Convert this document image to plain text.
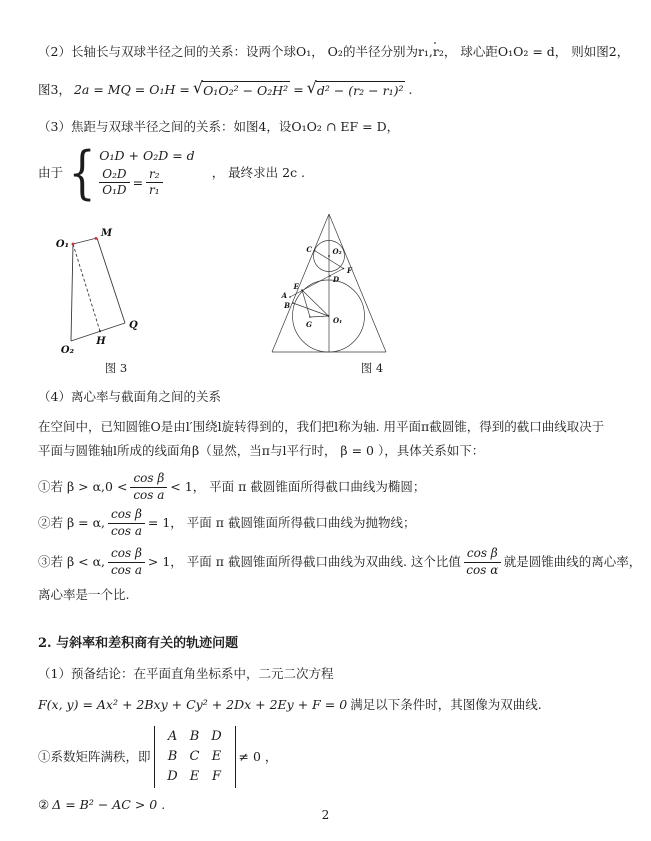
（2）长轴长与双球半径之间的关系：设两个球O₁， O₂的半径分别为r₁,r₂， 球心距O₁O₂ = d， 则如图2，
图3， 2a = MQ = O₁H = √ O₁O₂² − O₂H² = √ d² − (r₂ − r₁)² .
（3）焦距与双球半径之间的关系：如图4，设O₁O₂ ∩ EF = D，
由于 { O₁D + O₂D = d
$\frac{\text{O₂D}}{\text{O₁D}} = \frac{\text{r₂}}{\text{r₁}}$	， 最终求出 2c .
M
O₁
Q
O₂
H
图 3
C	O₂
F
D
E
A
B
G	O₁
图 4
（4）离心率与截面角之间的关系
在空间中，已知圆锥O是由l′围绕l旋转得到的，我们把l称为轴. 用平面π截圆锥，得到的截口曲线取决于
平面与圆锥轴l所成的线面角β（显然，当π与l平行时， β = 0 ），具体关系如下：
①若 $\beta > \alpha,0 < \frac{\text{cos β}}{\text{cos a}} < 1$， 平面 π 截圆锥面所得截口曲线为椭圆；
②若 β = α, $\frac{\text{cos β}}{\text{cos a}} = 1$， 平面 π 截圆锥面所得截口曲线为抛物线；
③若 β < α, $\frac{\text{cos β}}{\text{cos a}} > 1$， 平面 π 截圆锥面所得截口曲线为双曲线. 这个比值 $\frac{\text{cos β}}{\text{cos α}}$ 就是圆锥曲线的离心率，
离心率是一个比.
2. 与斜率和差积商有关的轨迹问题
（1）预备结论：在平面直角坐标系中，二元二次方程
F(x, y) = Ax² + 2Bxy + Cy² + 2Dx + 2Ey + F = 0 满足以下条件时，其图像为双曲线.
①系数矩阵满秩，即
A B D
B C E
D E F
≠ 0 ，
② Δ = B² − AC > 0 .
2
